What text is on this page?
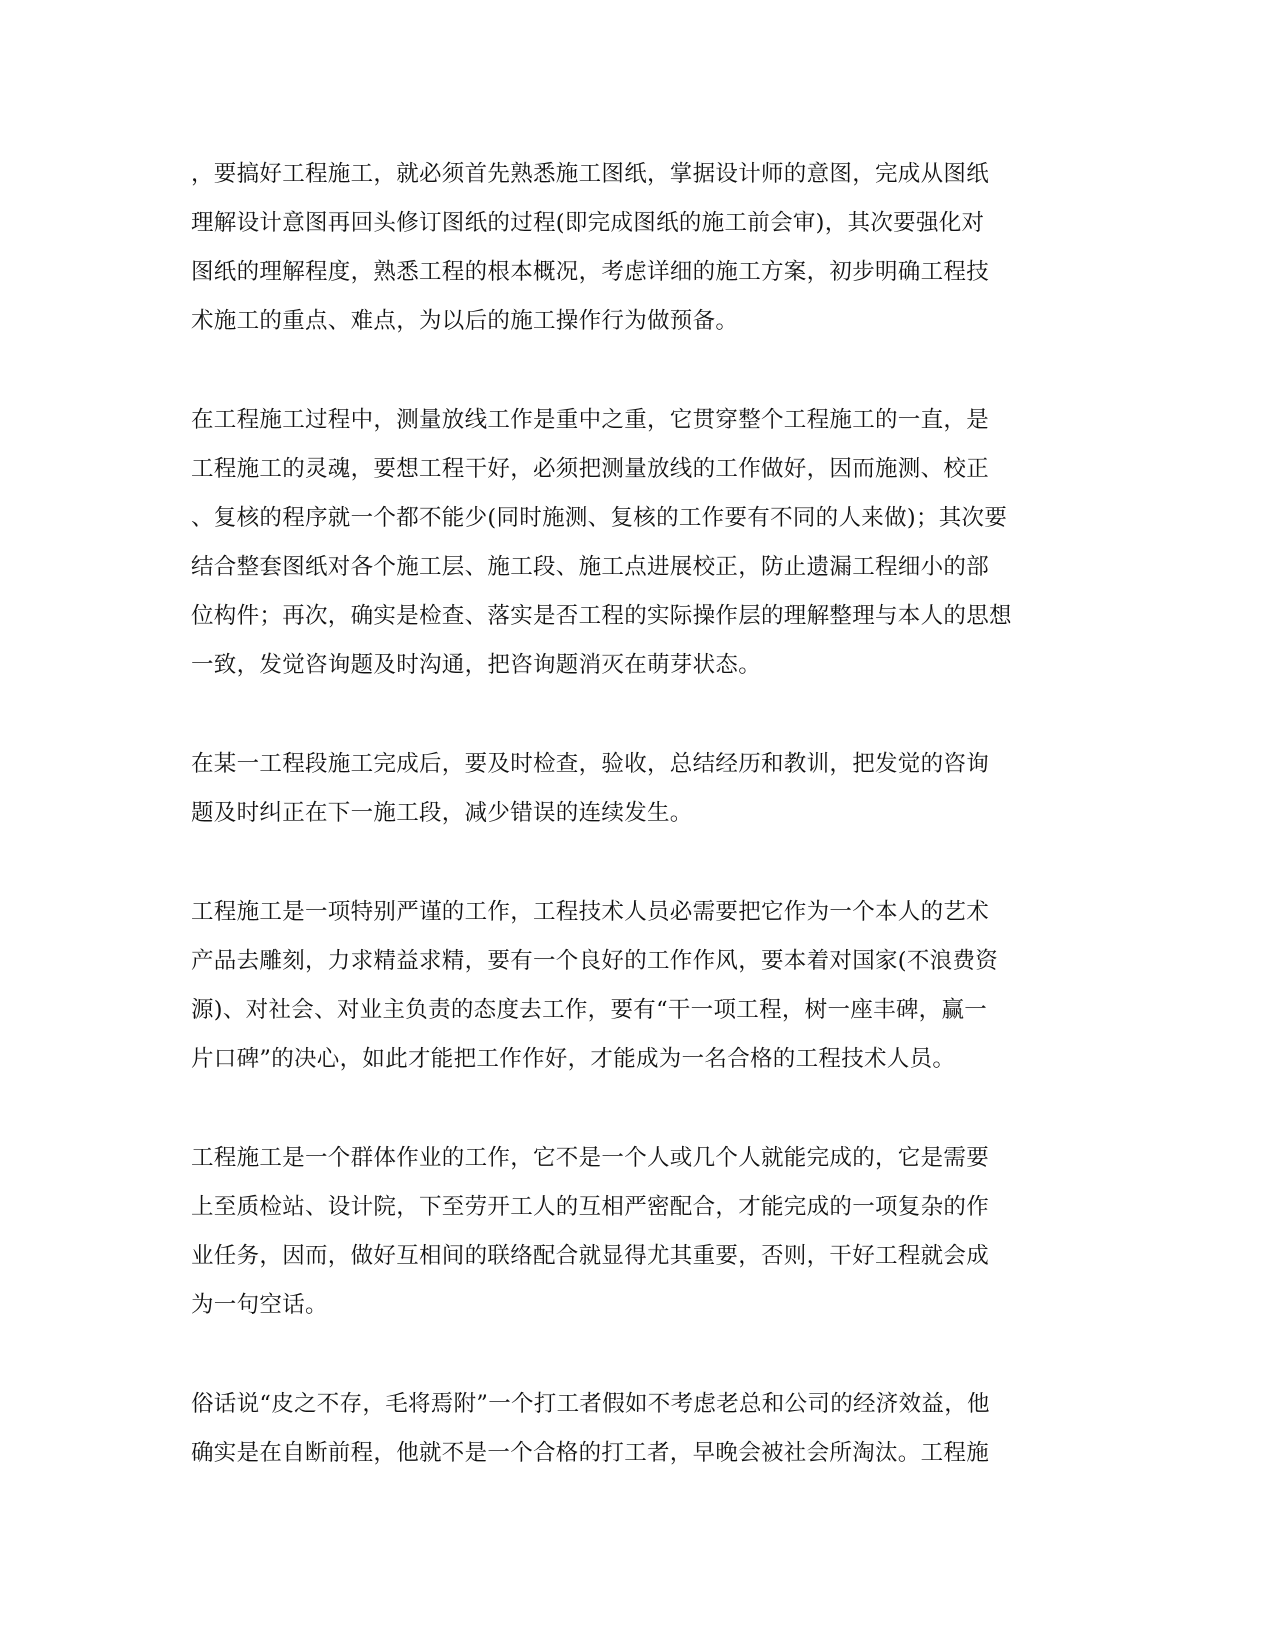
，要搞好工程施工，就必须首先熟悉施工图纸，掌据设计师的意图，完成从图纸
理解设计意图再回头修订图纸的过程(即完成图纸的施工前会审)，其次要强化对
图纸的理解程度，熟悉工程的根本概况，考虑详细的施工方案，初步明确工程技
术施工的重点、难点，为以后的施工操作行为做预备。

在工程施工过程中，测量放线工作是重中之重，它贯穿整个工程施工的一直，是
工程施工的灵魂，要想工程干好，必须把测量放线的工作做好，因而施测、校正
、复核的程序就一个都不能少(同时施测、复核的工作要有不同的人来做)；其次要
结合整套图纸对各个施工层、施工段、施工点进展校正，防止遗漏工程细小的部
位构件；再次，确实是检查、落实是否工程的实际操作层的理解整理与本人的思想
一致，发觉咨询题及时沟通，把咨询题消灭在萌芽状态。

在某一工程段施工完成后，要及时检查，验收，总结经历和教训，把发觉的咨询
题及时纠正在下一施工段，减少错误的连续发生。

工程施工是一项特别严谨的工作，工程技术人员必需要把它作为一个本人的艺术
产品去雕刻，力求精益求精，要有一个良好的工作作风，要本着对国家(不浪费资
源)、对社会、对业主负责的态度去工作，要有“干一项工程，树一座丰碑，赢一
片口碑”的决心，如此才能把工作作好，才能成为一名合格的工程技术人员。

工程施工是一个群体作业的工作，它不是一个人或几个人就能完成的，它是需要
上至质检站、设计院，下至劳开工人的互相严密配合，才能完成的一项复杂的作
业任务，因而，做好互相间的联络配合就显得尤其重要，否则，干好工程就会成
为一句空话。

俗话说“皮之不存，毛将焉附”一个打工者假如不考虑老总和公司的经济效益，他
确实是在自断前程，他就不是一个合格的打工者，早晚会被社会所淘汰。工程施
